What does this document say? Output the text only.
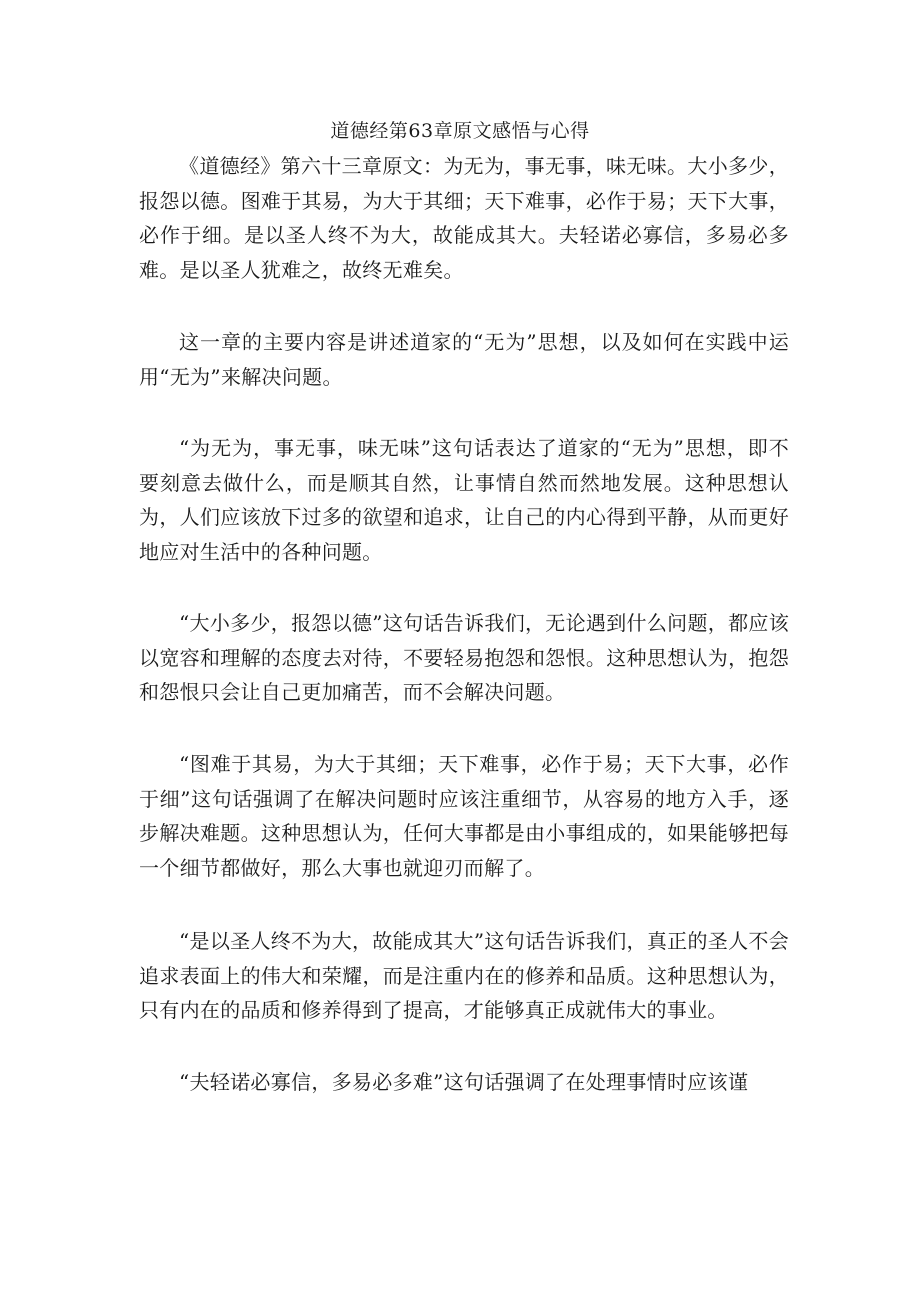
道德经第63章原文感悟与心得

《道德经》第六十三章原文：为无为，事无事，味无味。大小多少，报怨以德。图难于其易，为大于其细；天下难事，必作于易；天下大事，必作于细。是以圣人终不为大，故能成其大。夫轻诺必寡信，多易必多难。是以圣人犹难之，故终无难矣。

这一章的主要内容是讲述道家的“无为”思想，以及如何在实践中运用“无为”来解决问题。

“为无为，事无事，味无味”这句话表达了道家的“无为”思想，即不要刻意去做什么，而是顺其自然，让事情自然而然地发展。这种思想认为，人们应该放下过多的欲望和追求，让自己的内心得到平静，从而更好地应对生活中的各种问题。

“大小多少，报怨以德”这句话告诉我们，无论遇到什么问题，都应该以宽容和理解的态度去对待，不要轻易抱怨和怨恨。这种思想认为，抱怨和怨恨只会让自己更加痛苦，而不会解决问题。

“图难于其易，为大于其细；天下难事，必作于易；天下大事，必作于细”这句话强调了在解决问题时应该注重细节，从容易的地方入手，逐步解决难题。这种思想认为，任何大事都是由小事组成的，如果能够把每一个细节都做好，那么大事也就迎刃而解了。

“是以圣人终不为大，故能成其大”这句话告诉我们，真正的圣人不会追求表面上的伟大和荣耀，而是注重内在的修养和品质。这种思想认为，只有内在的品质和修养得到了提高，才能够真正成就伟大的事业。

“夫轻诺必寡信，多易必多难”这句话强调了在处理事情时应该谨
